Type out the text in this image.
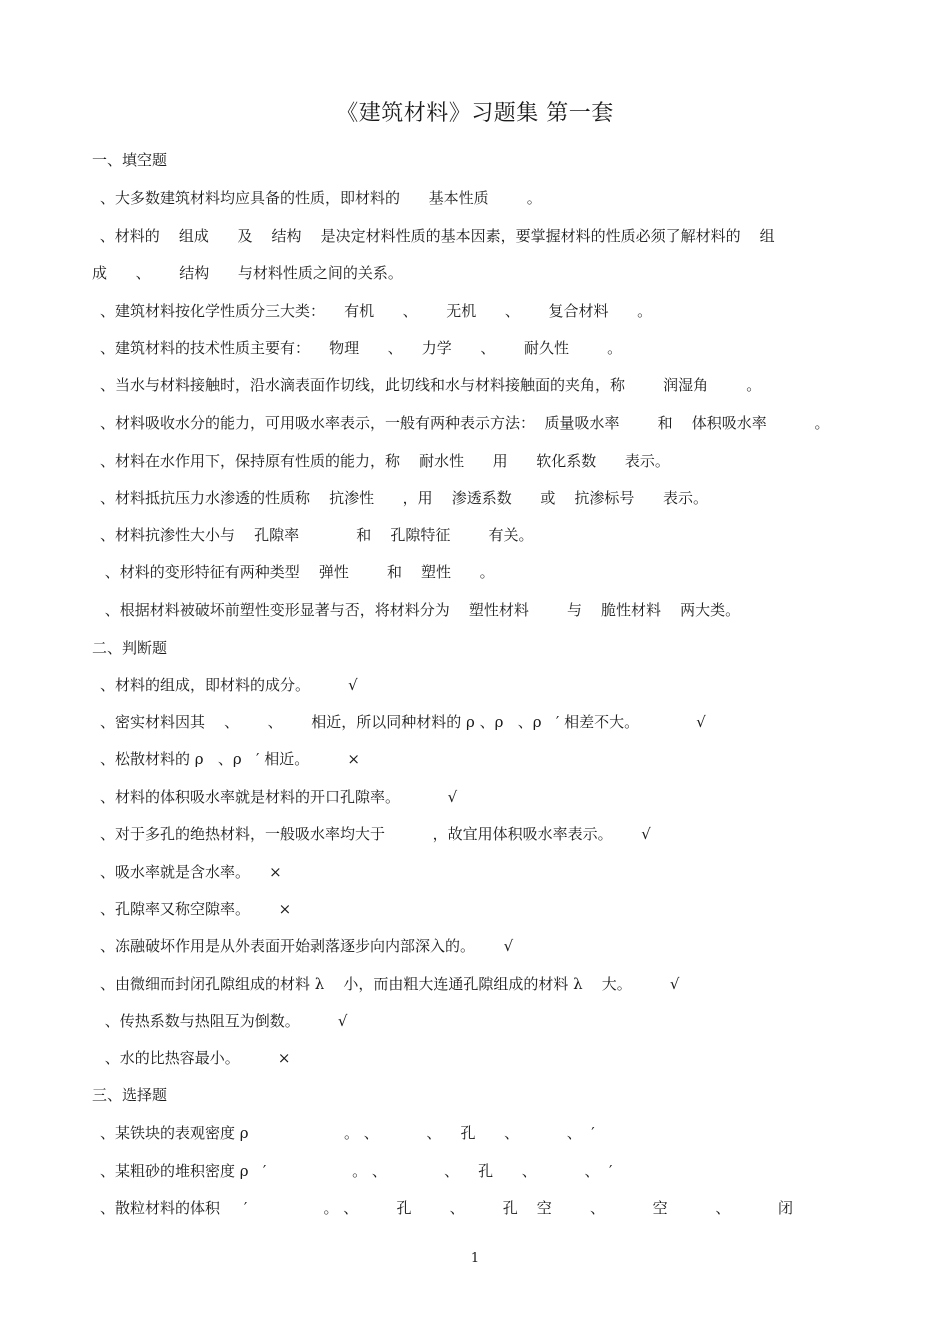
《建筑材料》习题集 第一套
一、填空题
、大多数建筑材料均应具备的性质，即材料的      基本性质        。
、材料的    组成      及    结构    是决定材料性质的基本因素，要掌握材料的性质必须了解材料的    组
成      、      结构      与材料性质之间的关系。
、建筑材料按化学性质分三大类：    有机      、      无机      、      复合材料      。
、建筑材料的技术性质主要有：    物理      、    力学      、      耐久性        。
、当水与材料接触时，沿水滴表面作切线，此切线和水与材料接触面的夹角，称        润湿角        。
、材料吸收水分的能力，可用吸水率表示，一般有两种表示方法：  质量吸水率        和    体积吸水率          。
、材料在水作用下，保持原有性质的能力，称    耐水性      用      软化系数      表示。
、材料抵抗压力水渗透的性质称    抗渗性      ，用    渗透系数      或    抗渗标号      表示。
、材料抗渗性大小与    孔隙率            和    孔隙特征        有关。
、材料的变形特征有两种类型    弹性        和    塑性      。
、根据材料被破坏前塑性变形显著与否，将材料分为    塑性材料        与    脆性材料    两大类。
二、判断题
、材料的组成，即材料的成分。        √
、密实材料因其    、      、      相近，所以同种材料的 ρ 、ρ   、ρ   ′ 相差不大。            √
、松散材料的 ρ   、ρ   ′ 相近。        ×
、材料的体积吸水率就是材料的开口孔隙率。          √
、对于多孔的绝热材料，一般吸水率均大于          ，故宜用体积吸水率表示。      √
、吸水率就是含水率。    ×
、孔隙率又称空隙率。      ×
、冻融破坏作用是从外表面开始剥落逐步向内部深入的。      √
、由微细而封闭孔隙组成的材料 λ    小，而由粗大连通孔隙组成的材料 λ    大。        √
、传热系数与热阻互为倒数。        √
、水的比热容最小。        ×
三、选择题
、某铁块的表观密度 ρ                    。 、          、    孔      、          、  ′
、某粗砂的堆积密度 ρ   ′                  。 、            、    孔      、          、  ′
、散粒材料的体积     ′                。 、        孔        、        孔    空        、          空          、          闭
1
